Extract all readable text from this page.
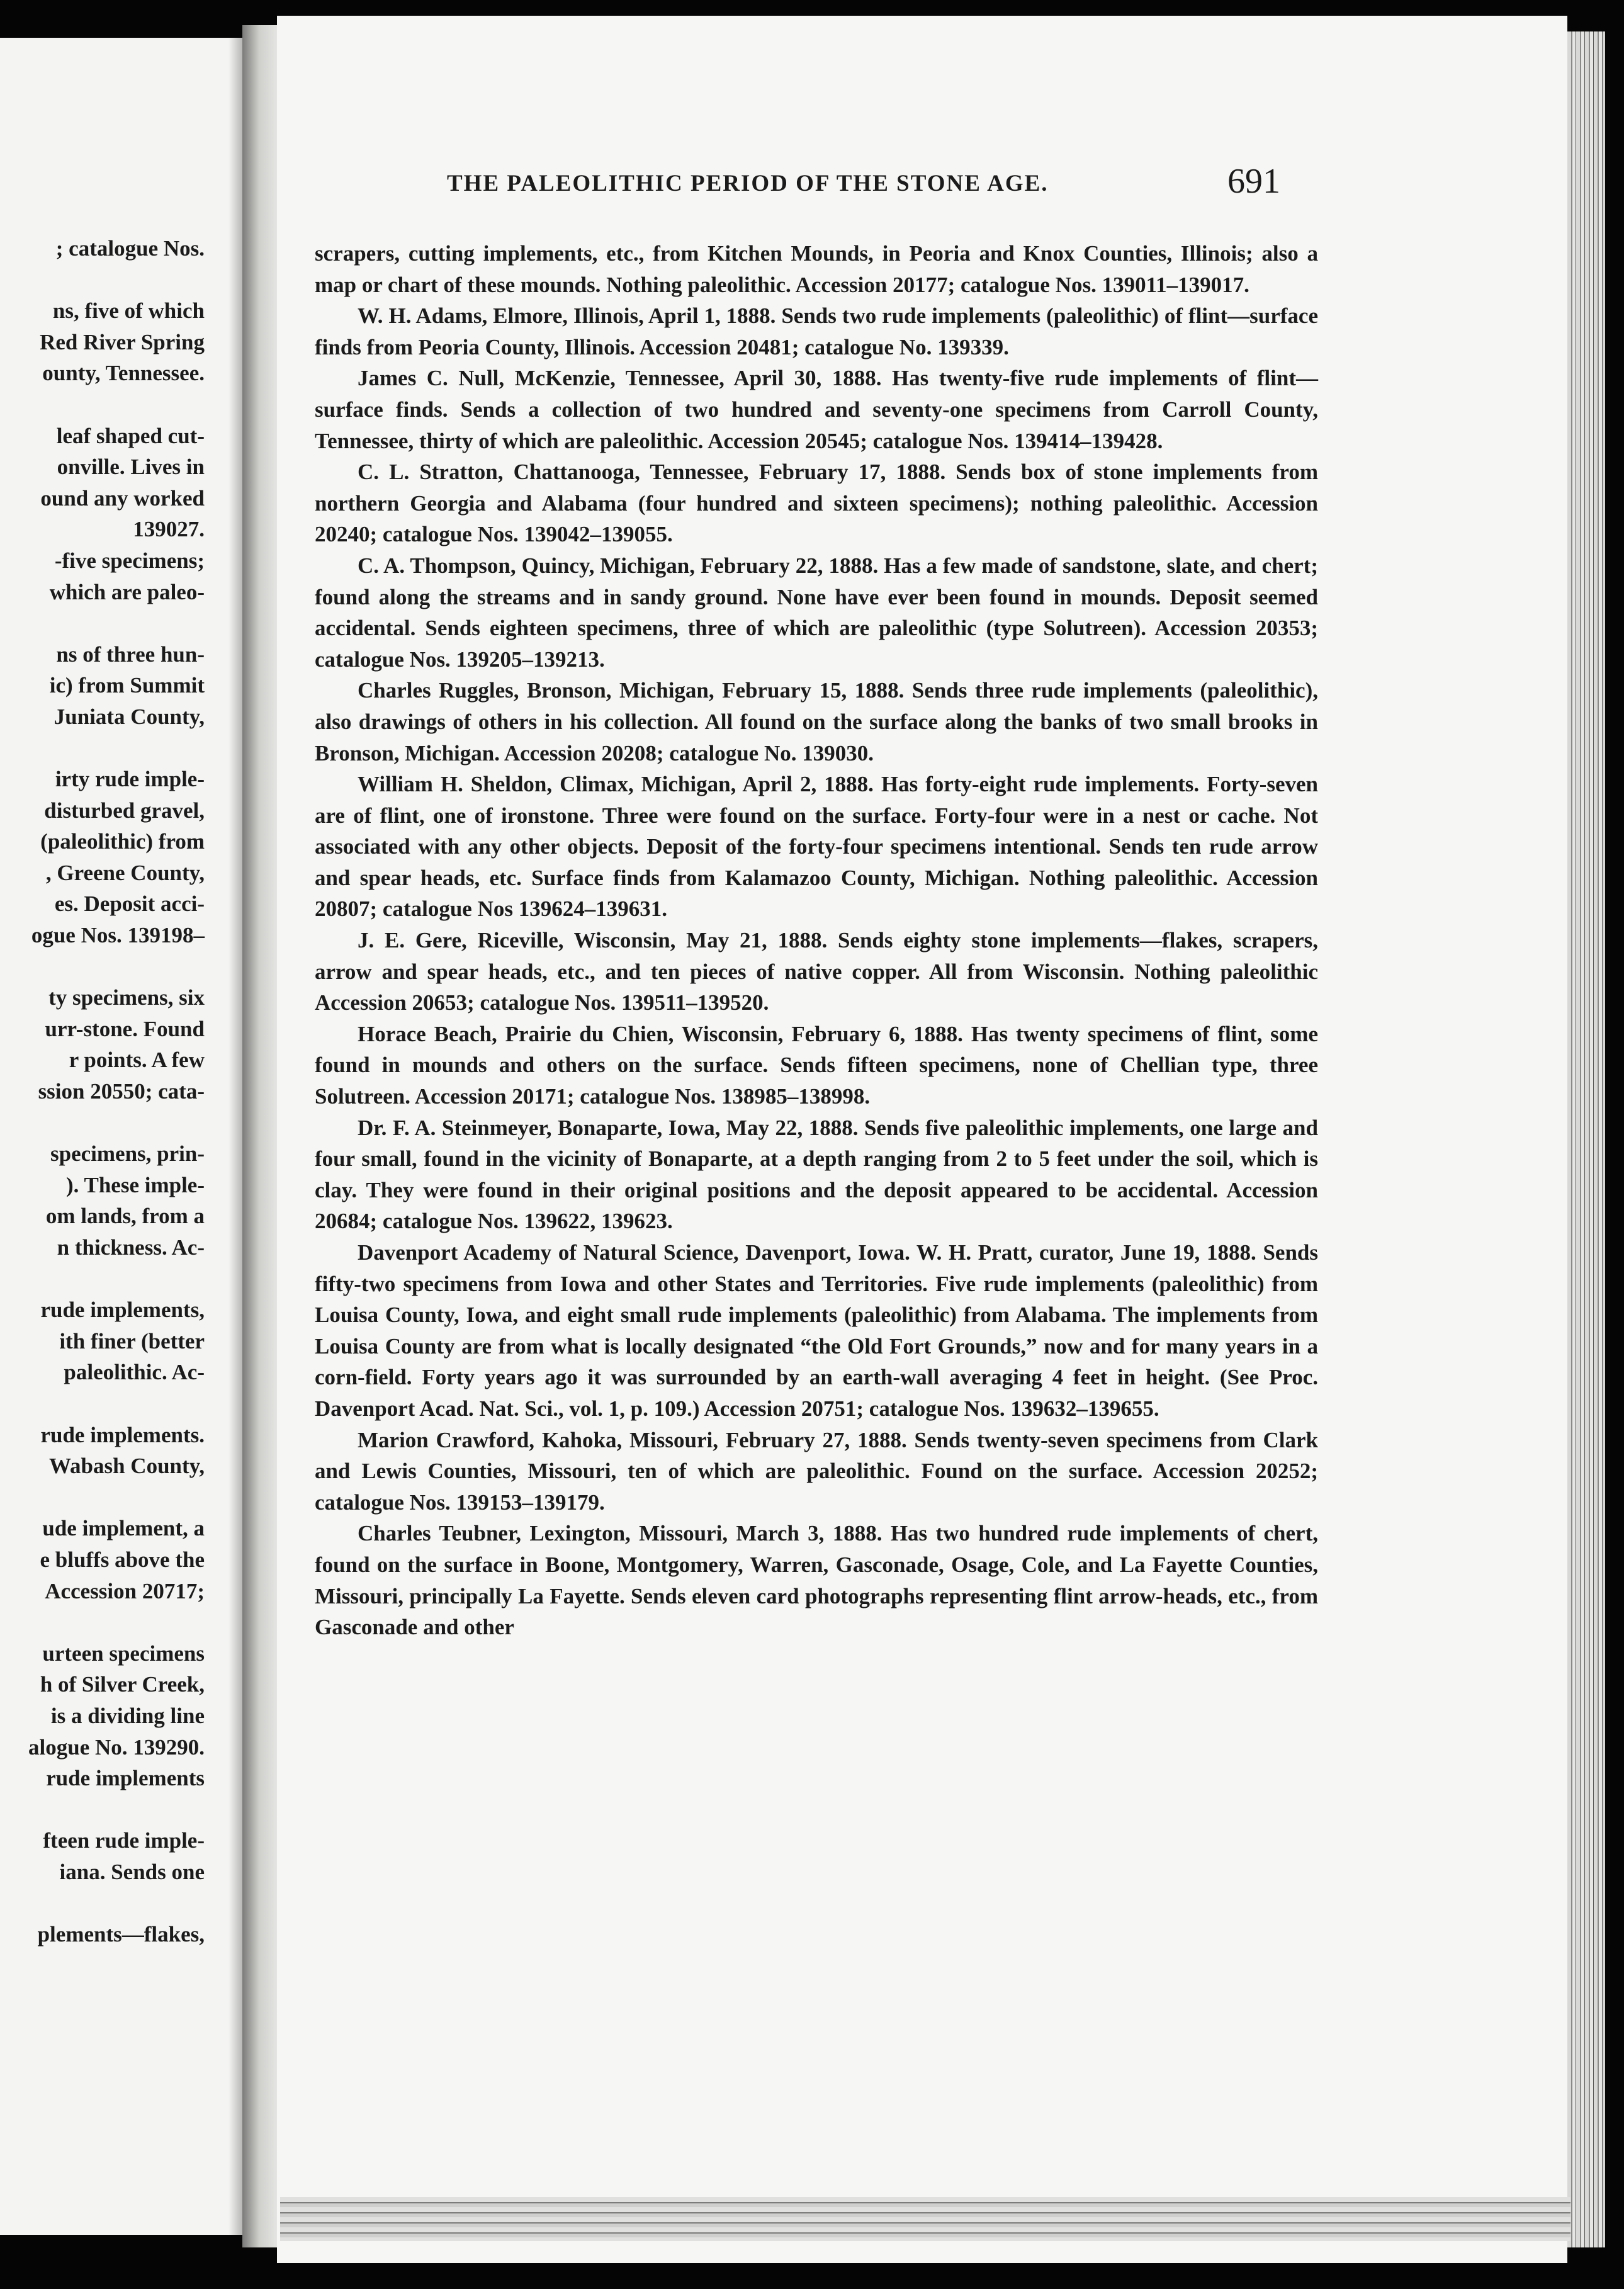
; catalogue Nos.
ns, five of which
Red River Spring
ounty, Tennessee.
leaf shaped cut-
onville. Lives in
ound any worked
139027.
-five specimens;
which are paleo-
ns of three hun-
ic) from Summit
Juniata County,
irty rude imple-
disturbed gravel,
(paleolithic) from
, Greene County,
es. Deposit acci-
ogue Nos. 139198–
ty specimens, six
urr-stone. Found
r points. A few
ssion 20550; cata-
specimens, prin-
). These imple-
om lands, from a
n thickness. Ac-
rude implements,
ith finer (better
paleolithic. Ac-
rude implements.
Wabash County,
ude implement, a
e bluffs above the
Accession 20717;
urteen specimens
h of Silver Creek,
is a dividing line
alogue No. 139290.
rude implements
fteen rude imple-
iana. Sends one
plements—flakes,
THE PALEOLITHIC PERIOD OF THE STONE AGE.	691

scrapers, cutting implements, etc., from Kitchen Mounds, in Peoria and Knox Counties, Illinois; also a map or chart of these mounds. Nothing paleolithic. Accession 20177; catalogue Nos. 139011–139017.

W. H. Adams, Elmore, Illinois, April 1, 1888. Sends two rude implements (paleolithic) of flint—surface finds from Peoria County, Illinois. Accession 20481; catalogue No. 139339.

James C. Null, McKenzie, Tennessee, April 30, 1888. Has twenty-five rude implements of flint—surface finds. Sends a collection of two hundred and seventy-one specimens from Carroll County, Tennessee, thirty of which are paleolithic. Accession 20545; catalogue Nos. 139414–139428.

C. L. Stratton, Chattanooga, Tennessee, February 17, 1888. Sends box of stone implements from northern Georgia and Alabama (four hundred and sixteen specimens); nothing paleolithic. Accession 20240; catalogue Nos. 139042–139055.

C. A. Thompson, Quincy, Michigan, February 22, 1888. Has a few made of sandstone, slate, and chert; found along the streams and in sandy ground. None have ever been found in mounds. Deposit seemed accidental. Sends eighteen specimens, three of which are paleolithic (type Solutreen). Accession 20353; catalogue Nos. 139205–139213.

Charles Ruggles, Bronson, Michigan, February 15, 1888. Sends three rude implements (paleolithic), also drawings of others in his collection. All found on the surface along the banks of two small brooks in Bronson, Michigan. Accession 20208; catalogue No. 139030.

William H. Sheldon, Climax, Michigan, April 2, 1888. Has forty-eight rude implements. Forty-seven are of flint, one of ironstone. Three were found on the surface. Forty-four were in a nest or cache. Not associated with any other objects. Deposit of the forty-four specimens intentional. Sends ten rude arrow and spear heads, etc. Surface finds from Kalamazoo County, Michigan. Nothing paleolithic. Accession 20807; catalogue Nos 139624–139631.

J. E. Gere, Riceville, Wisconsin, May 21, 1888. Sends eighty stone implements—flakes, scrapers, arrow and spear heads, etc., and ten pieces of native copper. All from Wisconsin. Nothing paleolithic Accession 20653; catalogue Nos. 139511–139520.

Horace Beach, Prairie du Chien, Wisconsin, February 6, 1888. Has twenty specimens of flint, some found in mounds and others on the surface. Sends fifteen specimens, none of Chellian type, three Solutreen. Accession 20171; catalogue Nos. 138985–138998.

Dr. F. A. Steinmeyer, Bonaparte, Iowa, May 22, 1888. Sends five paleolithic implements, one large and four small, found in the vicinity of Bonaparte, at a depth ranging from 2 to 5 feet under the soil, which is clay. They were found in their original positions and the deposit appeared to be accidental. Accession 20684; catalogue Nos. 139622, 139623.

Davenport Academy of Natural Science, Davenport, Iowa. W. H. Pratt, curator, June 19, 1888. Sends fifty-two specimens from Iowa and other States and Territories. Five rude implements (paleolithic) from Louisa County, Iowa, and eight small rude implements (paleolithic) from Alabama. The implements from Louisa County are from what is locally designated “the Old Fort Grounds,” now and for many years in a corn-field. Forty years ago it was surrounded by an earth-wall averaging 4 feet in height. (See Proc. Davenport Acad. Nat. Sci., vol. 1, p. 109.) Accession 20751; catalogue Nos. 139632–139655.

Marion Crawford, Kahoka, Missouri, February 27, 1888. Sends twenty-seven specimens from Clark and Lewis Counties, Missouri, ten of which are paleolithic. Found on the surface. Accession 20252; catalogue Nos. 139153–139179.

Charles Teubner, Lexington, Missouri, March 3, 1888. Has two hundred rude implements of chert, found on the surface in Boone, Montgomery, Warren, Gasconade, Osage, Cole, and La Fayette Counties, Missouri, principally La Fayette. Sends eleven card photographs representing flint arrow-heads, etc., from Gasconade and other
